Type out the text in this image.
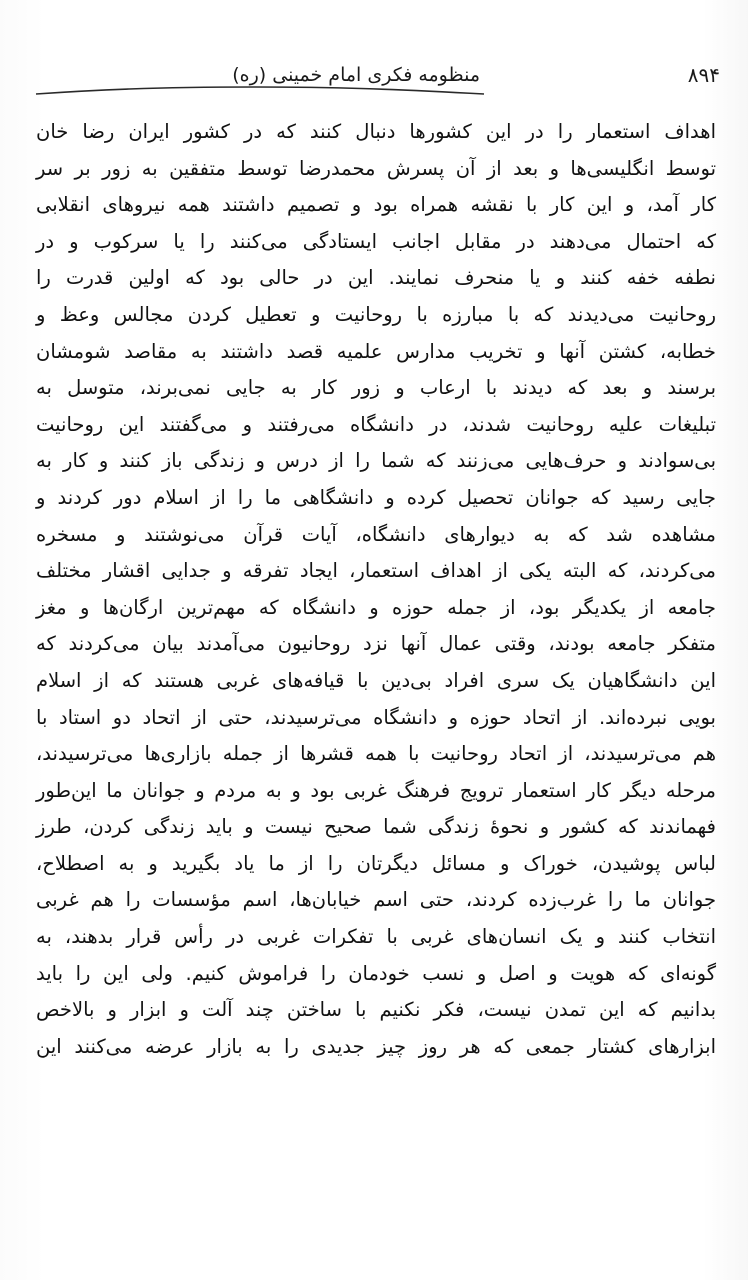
۸۹۴
منظومه فکری امام خمینی (ره)
اهداف استعمار را در این کشورها دنبال کنند که در کشور ایران رضا خان
توسط انگلیسی‌ها و بعد از آن پسرش محمدرضا توسط متفقین به زور بر سر
کار آمد، و این کار با نقشه همراه بود و تصمیم داشتند همه نیروهای انقلابی
که احتمال می‌دهند در مقابل اجانب ایستادگی می‌کنند را یا سرکوب و در
نطفه خفه کنند و یا منحرف نمایند. این در حالی بود که اولین قدرت را
روحانیت می‌دیدند که با مبارزه با روحانیت و تعطیل کردن مجالس وعظ و
خطابه، کشتن آنها و تخریب مدارس علمیه قصد داشتند به مقاصد شومشان
برسند و بعد که دیدند با ارعاب و زور کار به جایی نمی‌برند، متوسل به
تبلیغات علیه روحانیت شدند، در دانشگاه می‌رفتند و می‌گفتند این روحانیت
بی‌سوادند و حرف‌هایی می‌زنند که شما را از درس و زندگی باز کنند و کار به
جایی رسید که جوانان تحصیل کرده و دانشگاهی ما را از اسلام دور کردند و
مشاهده شد که به دیوارهای دانشگاه، آیات قرآن می‌نوشتند و مسخره
می‌کردند، که البته یکی از اهداف استعمار، ایجاد تفرقه و جدایی اقشار مختلف
جامعه از یکدیگر بود، از جمله حوزه و دانشگاه که مهم‌ترین ارگان‌ها و مغز
متفکر جامعه بودند، وقتی عمال آنها نزد روحانیون می‌آمدند بیان می‌کردند که
این دانشگاهیان یک سری افراد بی‌دین با قیافه‌های غربی هستند که از اسلام
بویی نبرده‌اند. از اتحاد حوزه و دانشگاه می‌ترسیدند، حتی از اتحاد دو استاد با
هم می‌ترسیدند، از اتحاد روحانیت با همه قشرها از جمله بازاری‌ها می‌ترسیدند،
مرحله دیگر کار استعمار ترویج فرهنگ غربی بود و به مردم و جوانان ما این‌طور
فهماندند که کشور و نحوهٔ زندگی شما صحیح نیست و باید زندگی کردن، طرز
لباس پوشیدن، خوراک و مسائل دیگرتان را از ما یاد بگیرید و به اصطلاح،
جوانان ما را غرب‌زده کردند، حتی اسم خیابان‌ها، اسم مؤسسات را هم غربی
انتخاب کنند و یک انسان‌های غربی با تفکرات غربی در رأس قرار بدهند، به
گونه‌ای که هویت و اصل و نسب خودمان را فراموش کنیم. ولی این را باید
بدانیم که این تمدن نیست، فکر نکنیم با ساختن چند آلت و ابزار و بالاخص
ابزارهای کشتار جمعی که هر روز چیز جدیدی را به بازار عرضه می‌کنند این
